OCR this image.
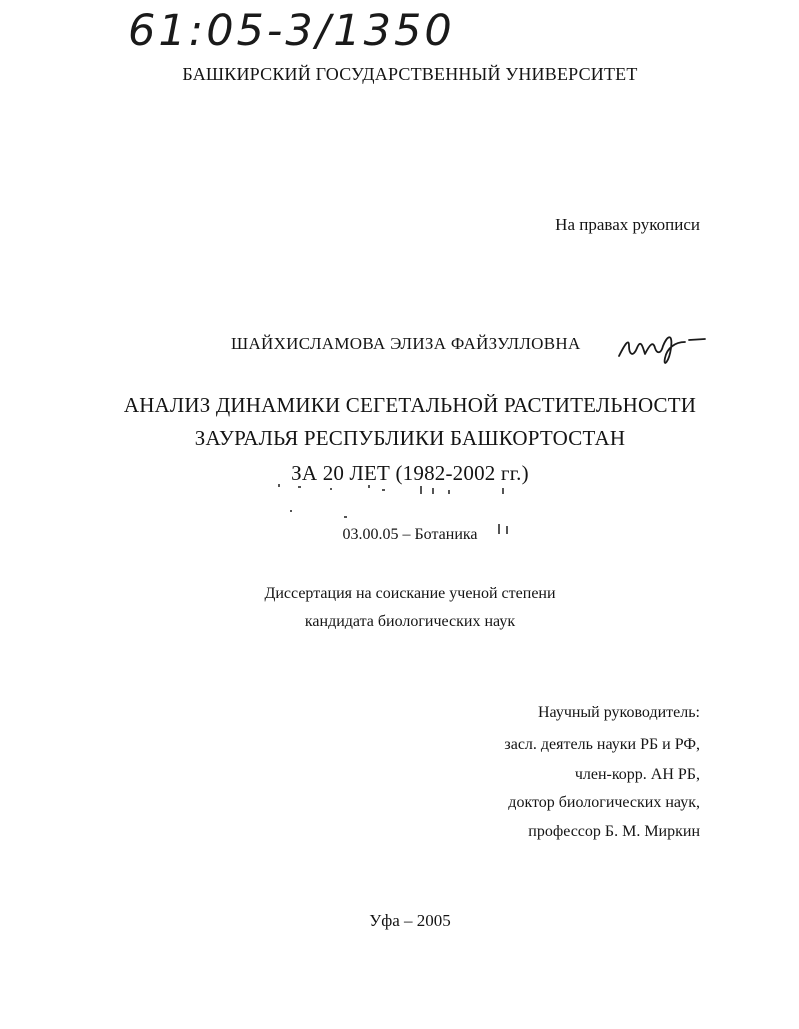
61:05-3/1350
БАШКИРСКИЙ ГОСУДАРСТВЕННЫЙ УНИВЕРСИТЕТ
На правах рукописи
ШАЙХИСЛАМОВА ЭЛИЗА ФАЙЗУЛЛОВНА
АНАЛИЗ ДИНАМИКИ СЕГЕТАЛЬНОЙ РАСТИТЕЛЬНОСТИ
ЗАУРАЛЬЯ РЕСПУБЛИКИ БАШКОРТОСТАН
ЗА 20 ЛЕТ (1982-2002 гг.)
03.00.05 – Ботаника
Диссертация на соискание ученой степени
кандидата биологических наук
Научный руководитель:
засл. деятель науки РБ и РФ,
член-корр. АН РБ,
доктор биологических наук,
профессор Б. М. Миркин
Уфа – 2005
